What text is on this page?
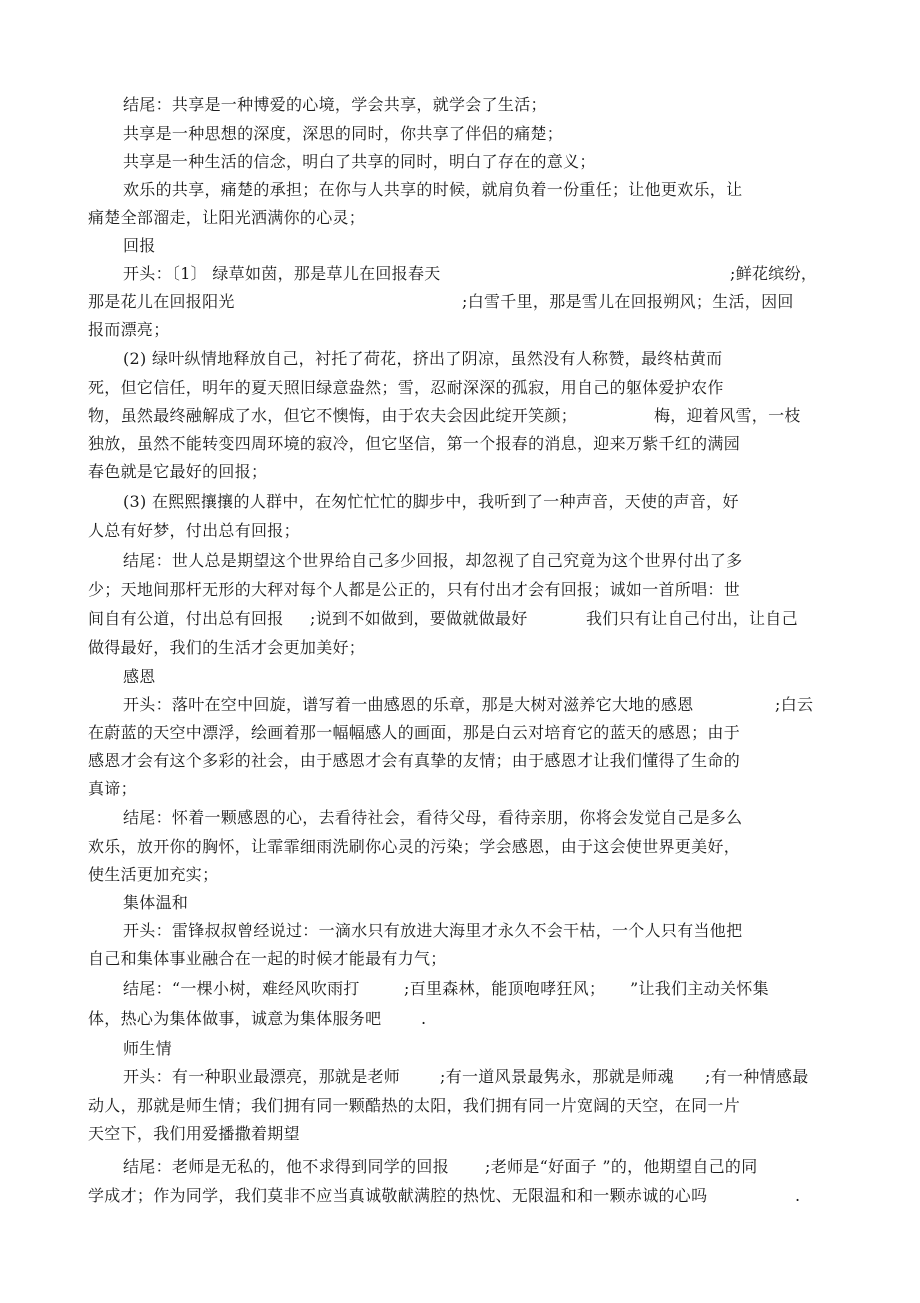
结尾：共享是一种博爱的心境，学会共享，就学会了生活；
共享是一种思想的深度，深思的同时，你共享了伴侣的痛楚；
共享是一种生活的信念，明白了共享的同时，明白了存在的意义；
欢乐的共享，痛楚的承担；在你与人共享的时候，就肩负着一份重任；让他更欢乐，让
痛楚全部溜走，让阳光洒满你的心灵；
回报
开头：〔1〕 绿草如茵，那是草儿在回报春天	;鲜花缤纷，
那是花儿在回报阳光	;白雪千里，那是雪儿在回报朔风；生活，因回
报而漂亮；
(2) 绿叶纵情地释放自己，衬托了荷花，挤出了阴凉，虽然没有人称赞，最终枯黄而
死，但它信任，明年的夏天照旧绿意盎然；雪，忍耐深深的孤寂，用自己的躯体爱护农作
物，虽然最终融解成了水，但它不懊悔，由于农夫会因此绽开笑颜；	梅，迎着风雪，一枝
独放，虽然不能转变四周环境的寂冷，但它坚信，第一个报春的消息，迎来万紫千红的满园
春色就是它最好的回报；
(3) 在熙熙攘攘的人群中，在匆忙忙忙的脚步中，我听到了一种声音，天使的声音，好
人总有好梦，付出总有回报；
结尾：世人总是期望这个世界给自己多少回报，却忽视了自己究竟为这个世界付出了多
少；天地间那杆无形的大秤对每个人都是公正的，只有付出才会有回报；诚如一首所唱：世
间自有公道，付出总有回报 ;说到不如做到，要做就做最好	我们只有让自己付出，让自己
做得最好，我们的生活才会更加美好；
感恩
开头：落叶在空中回旋，谱写着一曲感恩的乐章，那是大树对滋养它大地的感恩	;白云
在蔚蓝的天空中漂浮，绘画着那一幅幅感人的画面，那是白云对培育它的蓝天的感恩；由于
感恩才会有这个多彩的社会，由于感恩才会有真挚的友情；由于感恩才让我们懂得了生命的
真谛；
结尾：怀着一颗感恩的心，去看待社会，看待父母，看待亲朋，你将会发觉自己是多么
欢乐，放开你的胸怀，让霏霏细雨洗刷你心灵的污染；学会感恩，由于这会使世界更美好，
使生活更加充实；
集体温和
开头：雷锋叔叔曾经说过：一滴水只有放进大海里才永久不会干枯，一个人只有当他把
自己和集体事业融合在一起的时候才能最有力气；
结尾：“一棵小树，难经风吹雨打	;百里森林，能顶咆哮狂风； ”让我们主动关怀集
体，热心为集体做事，诚意为集体服务吧 .
师生情
开头：有一种职业最漂亮，那就是老师 ;有一道风景最隽永，那就是师魂 ;有一种情感最
动人，那就是师生情；我们拥有同一颗酷热的太阳，我们拥有同一片宽阔的天空，在同一片
天空下，我们用爱播撒着期望
结尾：老师是无私的，他不求得到同学的回报 ;老师是“好面子 ”的，他期望自己的同
学成才；作为同学，我们莫非不应当真诚敬献满腔的热忱、无限温和和一颗赤诚的心吗	.
